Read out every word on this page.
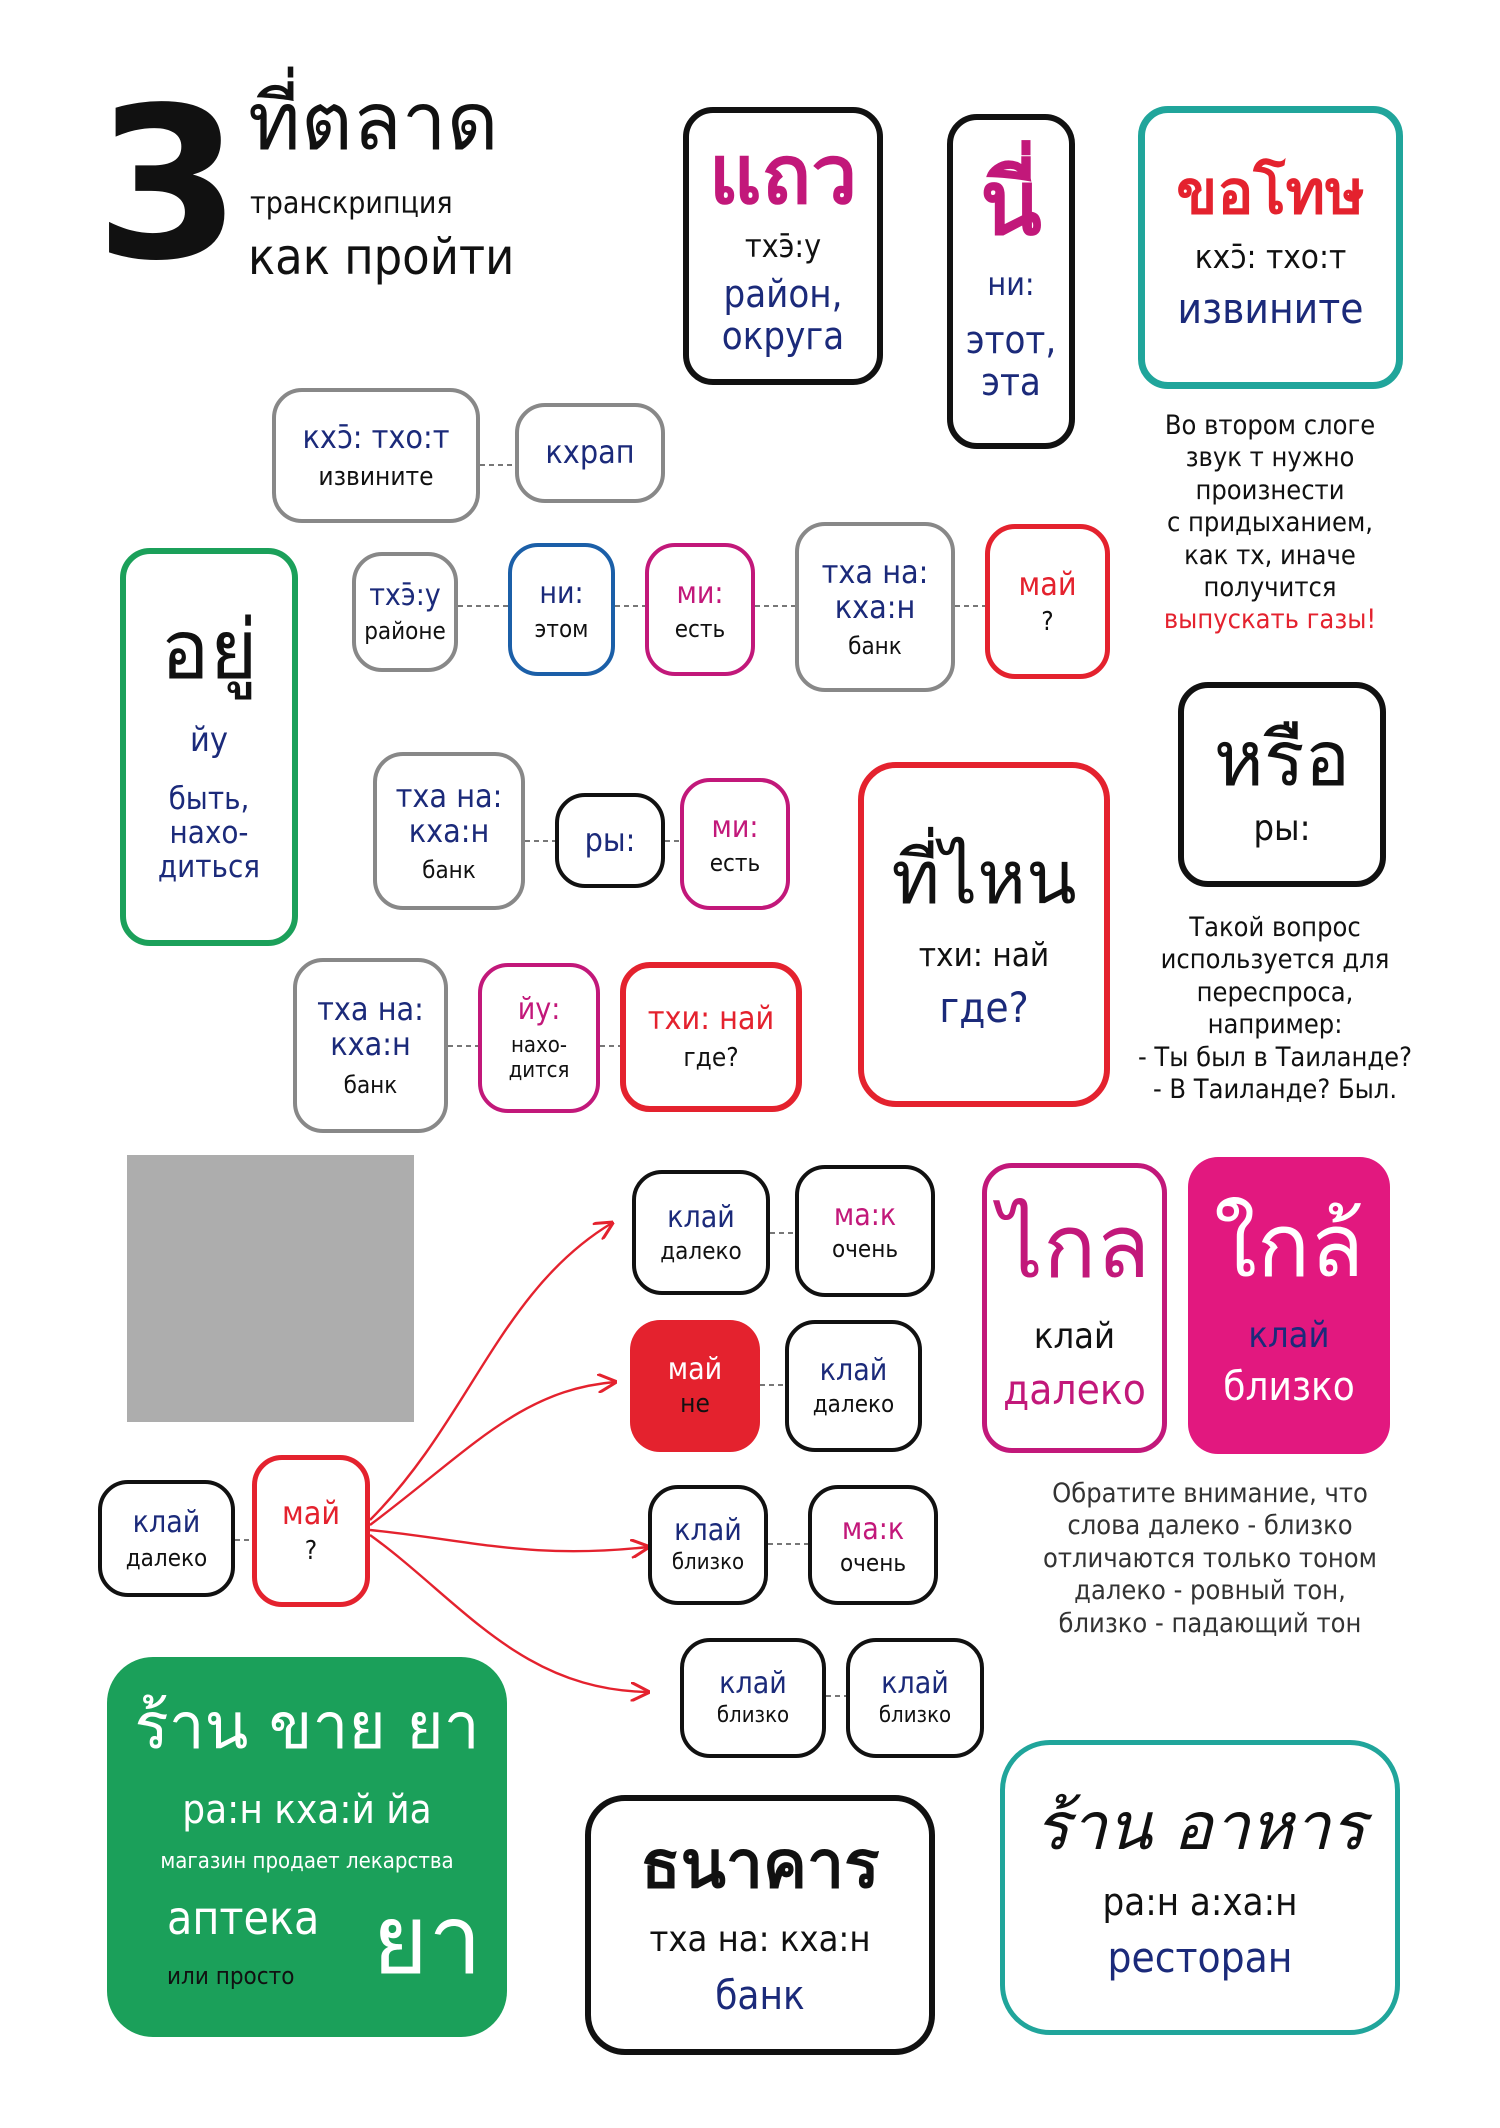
3 ที่ตลาด
транскрипция
как пройти
แถว
тхэ̄:у
район, округа
นี่
ни:
этот, эта
ขอโทษ
кхɔ̄: тхо:т
извините
Во втором слоге
звук т нужно
произнести
с придыханием,
как тх, иначе
получится
выпускать газы!
кхɔ̄: тхо:т
извините
кхрап
тхэ̄:у
районе
ни:
этом
ми:
есть
тха на: кха:н
банк
май
?
อยู่
йу
быть, нахо-диться
тха на: кха:н
банк
ры:	ми:
есть ที่ไหน
тхи: най
где?
หรือ
ры:
Такой вопрос
используется для
переспроса,
например:
- Ты был в Таиланде?
- В Таиланде? Был.
тха на: кха:н
банк
йу:
нахо-дится
тхи: най
где?
клай
далеко
май
?
клай
далеко
ма:к
очень
май
не
клай
далеко
клай
близко
ма:к
очень
клай
близко
клай
близко
ไกล
клай
далеко
ใกล้
клай
близко
Обратите внимание, что
слова далеко - близко
отличаются только тоном
далеко - ровный тон,
близко - падающий тон
ร้าน ขาย ยา
ра:н кха:й йа
магазин продает лекарства
аптека
или просто ยา
ธนาคาร
тха на: кха:н
банк
ร้าน อาหาร
ра:н а:ха:н
ресторан
